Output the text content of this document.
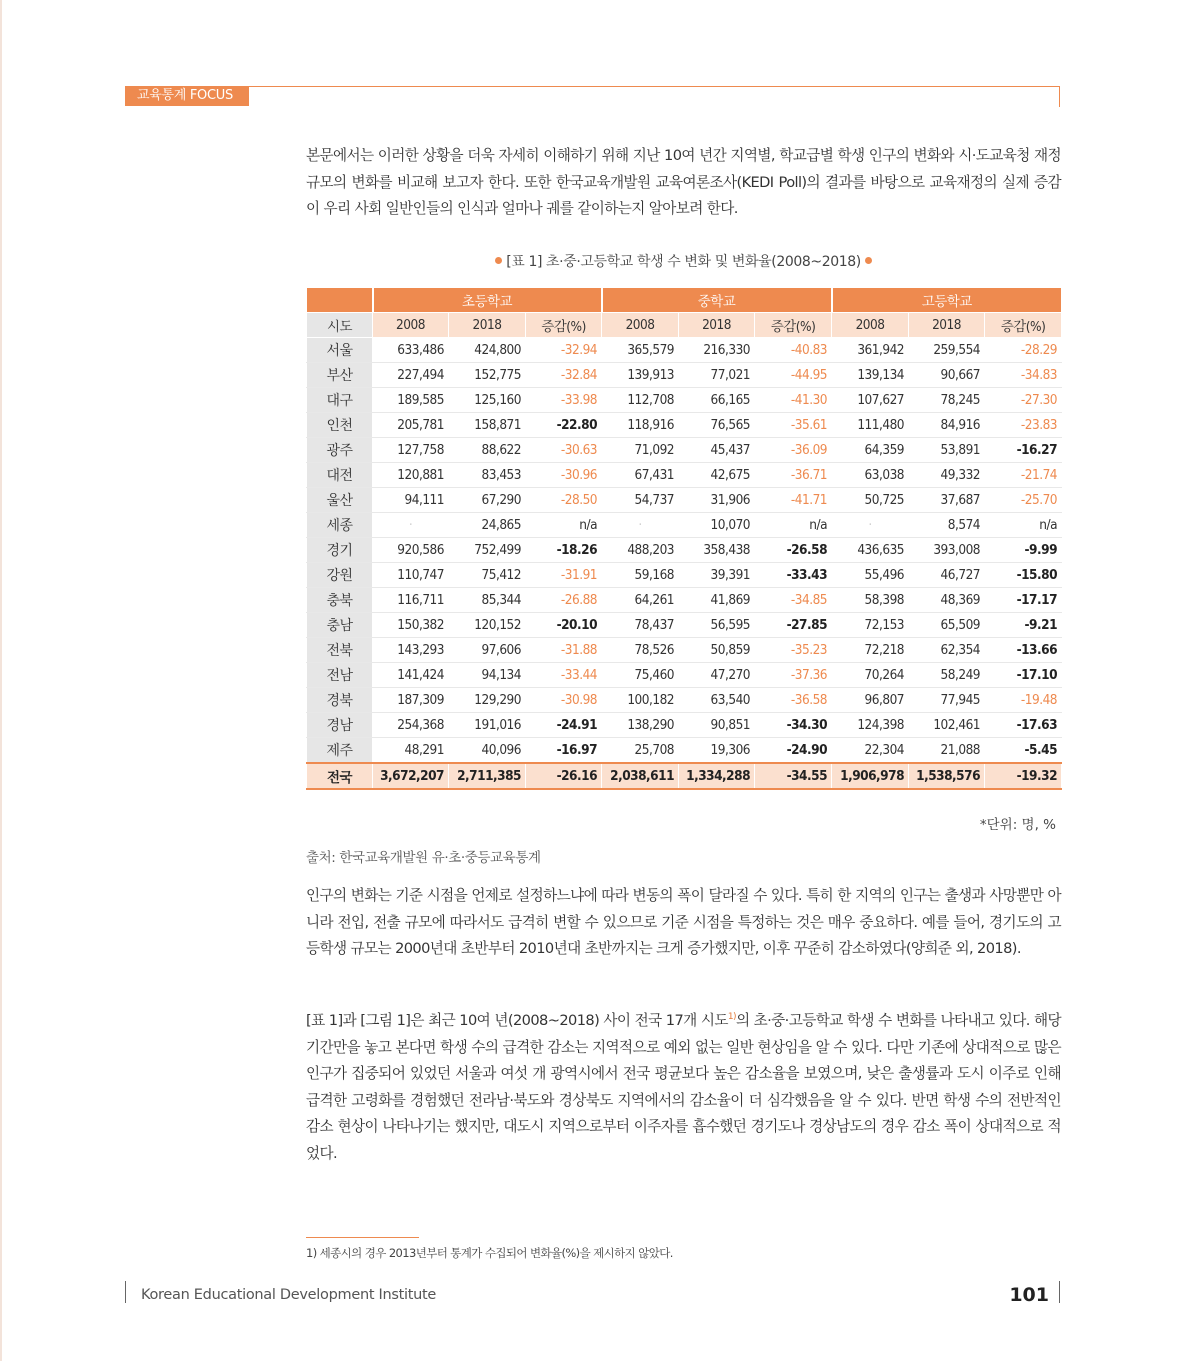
교육통계 FOCUS

본문에서는 이러한 상황을 더욱 자세히 이해하기 위해 지난 10여 년간 지역별, 학교급별 학생 인구의 변화와 시·도교육청 재정 규모의 변화를 비교해 보고자 한다. 또한 한국교육개발원 교육여론조사(KEDI Poll)의 결과를 바탕으로 교육재정의 실제 증감이 우리 사회 일반인들의 인식과 얼마나 궤를 같이하는지 알아보려 한다.

[표 1] 초·중·고등학교 학생 수 변화 및 변화율(2008~2018)
	초등학교			중학교			고등학교		
시도	2008	2018	증감(%)	2008	2018	증감(%)	2008	2018	증감(%)
서울	633,486	424,800	-32.94	365,579	216,330	-40.83	361,942	259,554	-28.29
부산	227,494	152,775	-32.84	139,913	77,021	-44.95	139,134	90,667	-34.83
대구	189,585	125,160	-33.98	112,708	66,165	-41.30	107,627	78,245	-27.30
인천	205,781	158,871	-22.80	118,916	76,565	-35.61	111,480	84,916	-23.83
광주	127,758	88,622	-30.63	71,092	45,437	-36.09	64,359	53,891	-16.27
대전	120,881	83,453	-30.96	67,431	42,675	-36.71	63,038	49,332	-21.74
울산	94,111	67,290	-28.50	54,737	31,906	-41.71	50,725	37,687	-25.70
세종	·	24,865	n/a	·	10,070	n/a	·	8,574	n/a
경기	920,586	752,499	-18.26	488,203	358,438	-26.58	436,635	393,008	-9.99
강원	110,747	75,412	-31.91	59,168	39,391	-33.43	55,496	46,727	-15.80
충북	116,711	85,344	-26.88	64,261	41,869	-34.85	58,398	48,369	-17.17
충남	150,382	120,152	-20.10	78,437	56,595	-27.85	72,153	65,509	-9.21
전북	143,293	97,606	-31.88	78,526	50,859	-35.23	72,218	62,354	-13.66
전남	141,424	94,134	-33.44	75,460	47,270	-37.36	70,264	58,249	-17.10
경북	187,309	129,290	-30.98	100,182	63,540	-36.58	96,807	77,945	-19.48
경남	254,368	191,016	-24.91	138,290	90,851	-34.30	124,398	102,461	-17.63
제주	48,291	40,096	-16.97	25,708	19,306	-24.90	22,304	21,088	-5.45
전국	3,672,207	2,711,385	-26.16	2,038,611	1,334,288	-34.55	1,906,978	1,538,576	-19.32
*단위: 명, %
출처: 한국교육개발원 유·초·중등교육통계

인구의 변화는 기준 시점을 언제로 설정하느냐에 따라 변동의 폭이 달라질 수 있다. 특히 한 지역의 인구는 출생과 사망뿐만 아니라 전입, 전출 규모에 따라서도 급격히 변할 수 있으므로 기준 시점을 특정하는 것은 매우 중요하다. 예를 들어, 경기도의 고등학생 규모는 2000년대 초반부터 2010년대 초반까지는 크게 증가했지만, 이후 꾸준히 감소하였다(양희준 외, 2018).

[표 1]과 [그림 1]은 최근 10여 년(2008~2018) 사이 전국 17개 시도$^{1)}$의 초·중·고등학교 학생 수 변화를 나타내고 있다. 해당 기간만을 놓고 본다면 학생 수의 급격한 감소는 지역적으로 예외 없는 일반 현상임을 알 수 있다. 다만 기존에 상대적으로 많은 인구가 집중되어 있었던 서울과 여섯 개 광역시에서 전국 평균보다 높은 감소율을 보였으며, 낮은 출생률과 도시 이주로 인해 급격한 고령화를 경험했던 전라남·북도와 경상북도 지역에서의 감소율이 더 심각했음을 알 수 있다. 반면 학생 수의 전반적인 감소 현상이 나타나기는 했지만, 대도시 지역으로부터 이주자를 흡수했던 경기도나 경상남도의 경우 감소 폭이 상대적으로 적었다.

1) 세종시의 경우 2013년부터 통계가 수집되어 변화율(%)을 제시하지 않았다.
Korean Educational Development Institute	101
